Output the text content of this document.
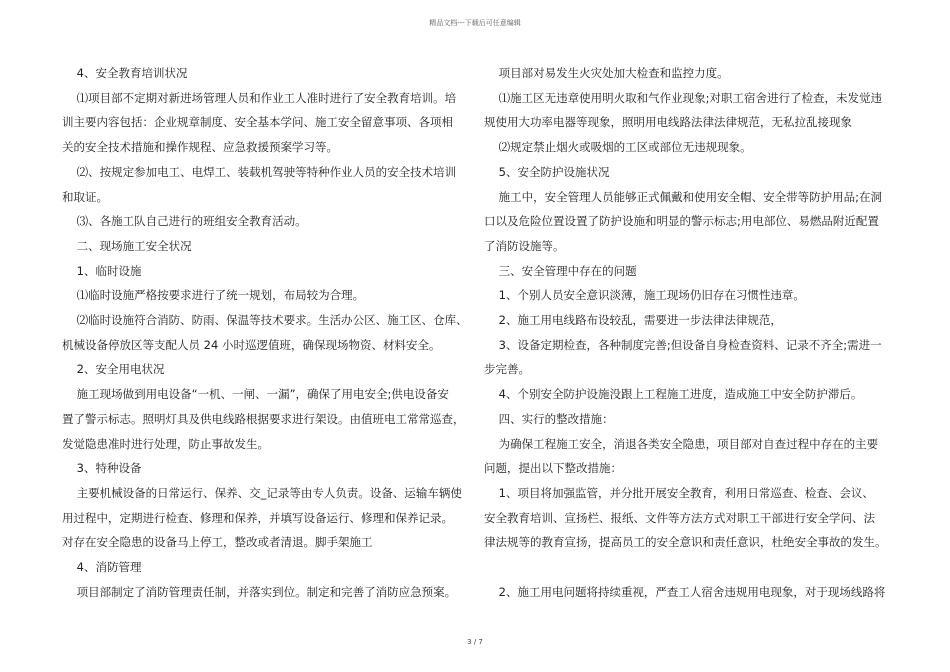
精品文档---下载后可任意编辑
4、安全教育培训状况
⑴项目部不定期对新进场管理人员和作业工人准时进行了安全教育培训。培
训主要内容包括：企业规章制度、安全基本学问、施工安全留意事项、各项相
关的安全技术措施和操作规程、应急救援预案学习等。
⑵、按规定参加电工、电焊工、装载机驾驶等特种作业人员的安全技术培训
和取证。
⑶、各施工队自己进行的班组安全教育活动。
二、现场施工安全状况
1、临时设施
⑴临时设施严格按要求进行了统一规划，布局较为合理。
⑵临时设施符合消防、防雨、保温等技术要求。生活办公区、施工区、仓库、
机械设备停放区等支配人员 24 小时巡逻值班，确保现场物资、材料安全。
2、安全用电状况
施工现场做到用电设备“一机、一闸、一漏”，确保了用电安全;供电设备安
置了警示标志。照明灯具及供电线路根据要求进行架设。由值班电工常常巡查，
发觉隐患准时进行处理，防止事故发生。
3、特种设备
主要机械设备的日常运行、保养、交_记录等由专人负责。设备、运输车辆使
用过程中，定期进行检查、修理和保养，并填写设备运行、修理和保养记录。
对存在安全隐患的设备马上停工，整改或者清退。脚手架施工
4、消防管理
项目部制定了消防管理责任制，并落实到位。制定和完善了消防应急预案。
项目部对易发生火灾处加大检查和监控力度。
⑴施工区无违章使用明火取和气作业现象;对职工宿舍进行了检查，未发觉违
规使用大功率电器等现象，照明用电线路法律法律规范，无私拉乱接现象
⑵规定禁止烟火或吸烟的工区或部位无违规现象。
5、安全防护设施状况
施工中，安全管理人员能够正式佩戴和使用安全帽、安全带等防护用品;在洞
口以及危险位置设置了防护设施和明显的警示标志;用电部位、易燃品附近配置
了消防设施等。
三、安全管理中存在的问题
1、个别人员安全意识淡薄，施工现场仍旧存在习惯性违章。
2、施工用电线路布设较乱，需要进一步法律法律规范，
3、设备定期检查，各种制度完善;但设备自身检查资料、记录不齐全;需进一
步完善。
4、个别安全防护设施没跟上工程施工进度，造成施工中安全防护滞后。
四、实行的整改措施：
为确保工程施工安全，消退各类安全隐患，项目部对自查过程中存在的主要
问题，提出以下整改措施：
1、项目将加强监管，并分批开展安全教育，利用日常巡查、检查、会议、
安全教育培训、宣扬栏、报纸、文件等方法方式对职工干部进行安全学问、法
律法规等的教育宣扬，提高员工的安全意识和责任意识，杜绝安全事故的发生。
2、施工用电问题将持续重视，严查工人宿舍违规用电现象，对于现场线路将
3 / 7
